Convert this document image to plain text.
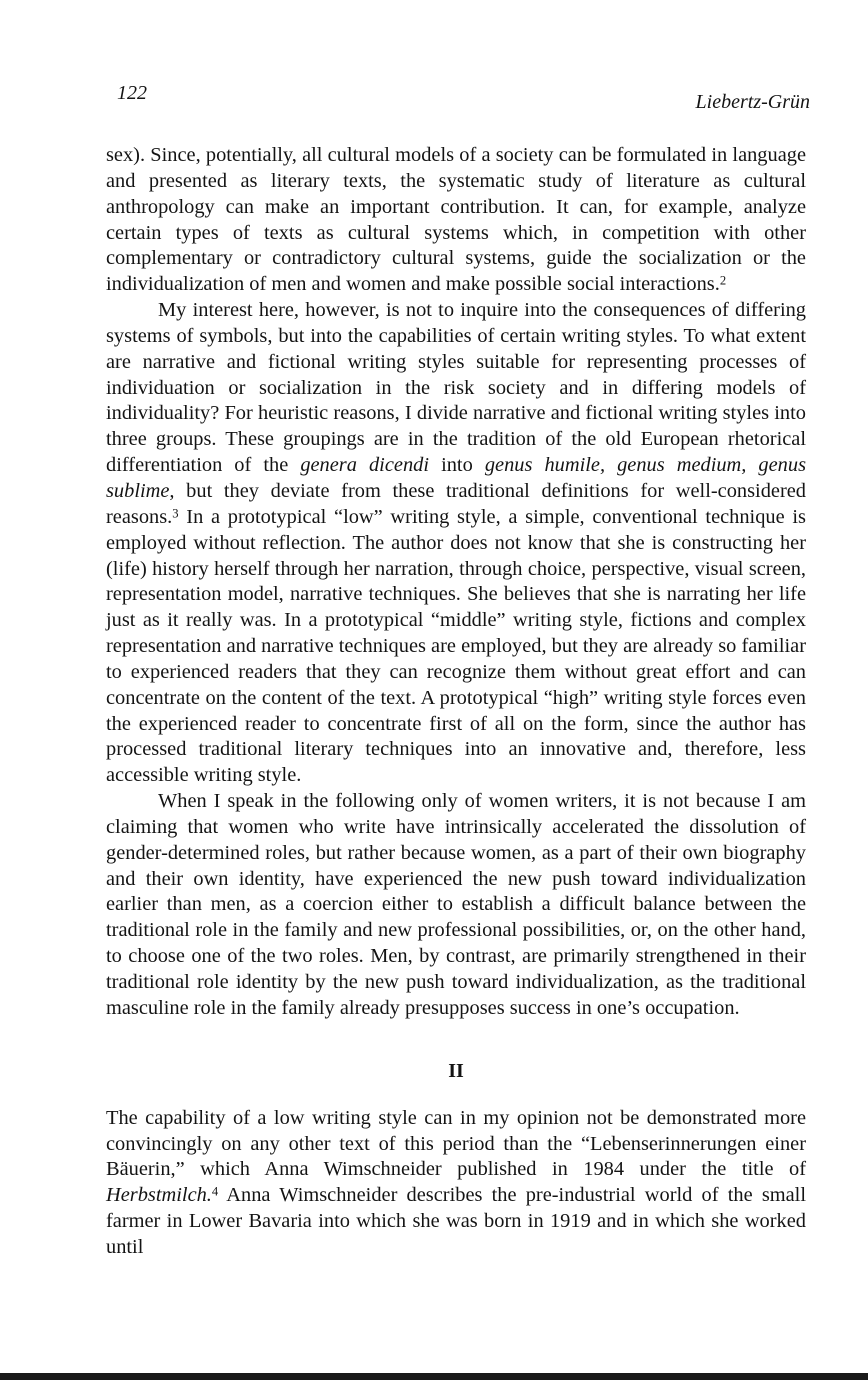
122	Liebertz-Grün

sex). Since, potentially, all cultural models of a society can be formulated in language and presented as literary texts, the systematic study of literature as cultural anthropology can make an important contribution. It can, for example, analyze certain types of texts as cultural systems which, in competition with other complementary or contradictory cultural systems, guide the socialization or the individualization of men and women and make possible social interactions.$^2$

My interest here, however, is not to inquire into the consequences of differing systems of symbols, but into the capabilities of certain writing styles. To what extent are narrative and fictional writing styles suitable for representing processes of individuation or socialization in the risk society and in differing models of individuality? For heuristic reasons, I divide narrative and fictional writing styles into three groups. These groupings are in the tradition of the old European rhetorical differentiation of the genera dicendi into genus humile, genus medium, genus sublime, but they deviate from these traditional definitions for well-considered reasons.$^3$ In a prototypical “low” writing style, a simple, conventional technique is employed without reflection. The author does not know that she is constructing her (life) history herself through her narration, through choice, perspective, visual screen, representation model, narrative techniques. She believes that she is narrating her life just as it really was. In a prototypical “middle” writing style, fictions and complex representation and narrative techniques are employed, but they are already so familiar to experienced readers that they can recognize them without great effort and can concentrate on the content of the text. A prototypical “high” writing style forces even the experienced reader to concentrate first of all on the form, since the author has processed traditional literary techniques into an innovative and, therefore, less accessible writing style.

When I speak in the following only of women writers, it is not because I am claiming that women who write have intrinsically accelerated the dissolution of gender-determined roles, but rather because women, as a part of their own biography and their own identity, have experienced the new push toward individualization earlier than men, as a coercion either to establish a difficult balance between the traditional role in the family and new professional possibilities, or, on the other hand, to choose one of the two roles. Men, by contrast, are primarily strengthened in their traditional role identity by the new push toward individualization, as the traditional masculine role in the family already presupposes success in one’s occupation.

II

The capability of a low writing style can in my opinion not be demonstrated more convincingly on any other text of this period than the “Lebenserinnerungen einer Bäuerin,” which Anna Wimschneider published in 1984 under the title of Herbstmilch.$^4$ Anna Wimschneider describes the pre-industrial world of the small farmer in Lower Bavaria into which she was born in 1919 and in which she worked until
